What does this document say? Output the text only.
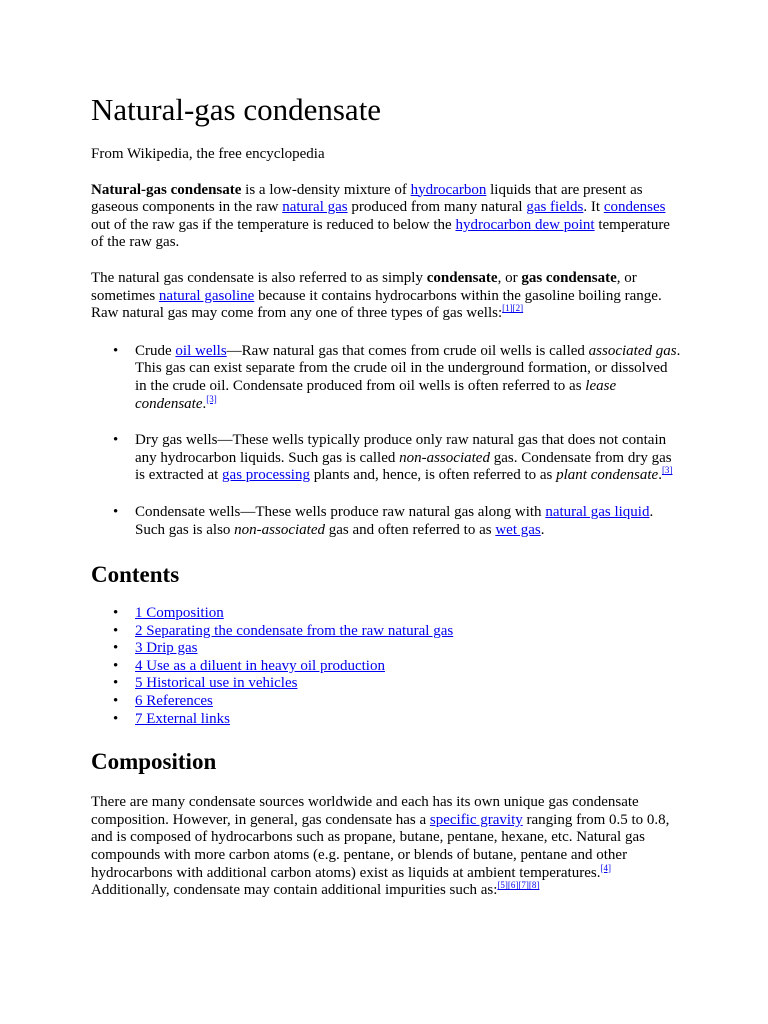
Natural-gas condensate

From Wikipedia, the free encyclopedia

Natural-gas condensate is a low-density mixture of hydrocarbon liquids that are present as gaseous components in the raw natural gas produced from many natural gas fields. It condenses out of the raw gas if the temperature is reduced to below the hydrocarbon dew point temperature of the raw gas.

The natural gas condensate is also referred to as simply condensate, or gas condensate, or sometimes natural gasoline because it contains hydrocarbons within the gasoline boiling range. Raw natural gas may come from any one of three types of gas wells:[1][2]

• Crude oil wells—Raw natural gas that comes from crude oil wells is called associated gas. This gas can exist separate from the crude oil in the underground formation, or dissolved in the crude oil. Condensate produced from oil wells is often referred to as lease condensate.[3]
• Dry gas wells—These wells typically produce only raw natural gas that does not contain any hydrocarbon liquids. Such gas is called non-associated gas. Condensate from dry gas is extracted at gas processing plants and, hence, is often referred to as plant condensate.[3]
• Condensate wells—These wells produce raw natural gas along with natural gas liquid. Such gas is also non-associated gas and often referred to as wet gas.
Contents
• 1 Composition
• 2 Separating the condensate from the raw natural gas
• 3 Drip gas
• 4 Use as a diluent in heavy oil production
• 5 Historical use in vehicles
• 6 References
• 7 External links
Composition

There are many condensate sources worldwide and each has its own unique gas condensate composition. However, in general, gas condensate has a specific gravity ranging from 0.5 to 0.8, and is composed of hydrocarbons such as propane, butane, pentane, hexane, etc. Natural gas compounds with more carbon atoms (e.g. pentane, or blends of butane, pentane and other hydrocarbons with additional carbon atoms) exist as liquids at ambient temperatures.[4] Additionally, condensate may contain additional impurities such as:[5][6][7][8]
